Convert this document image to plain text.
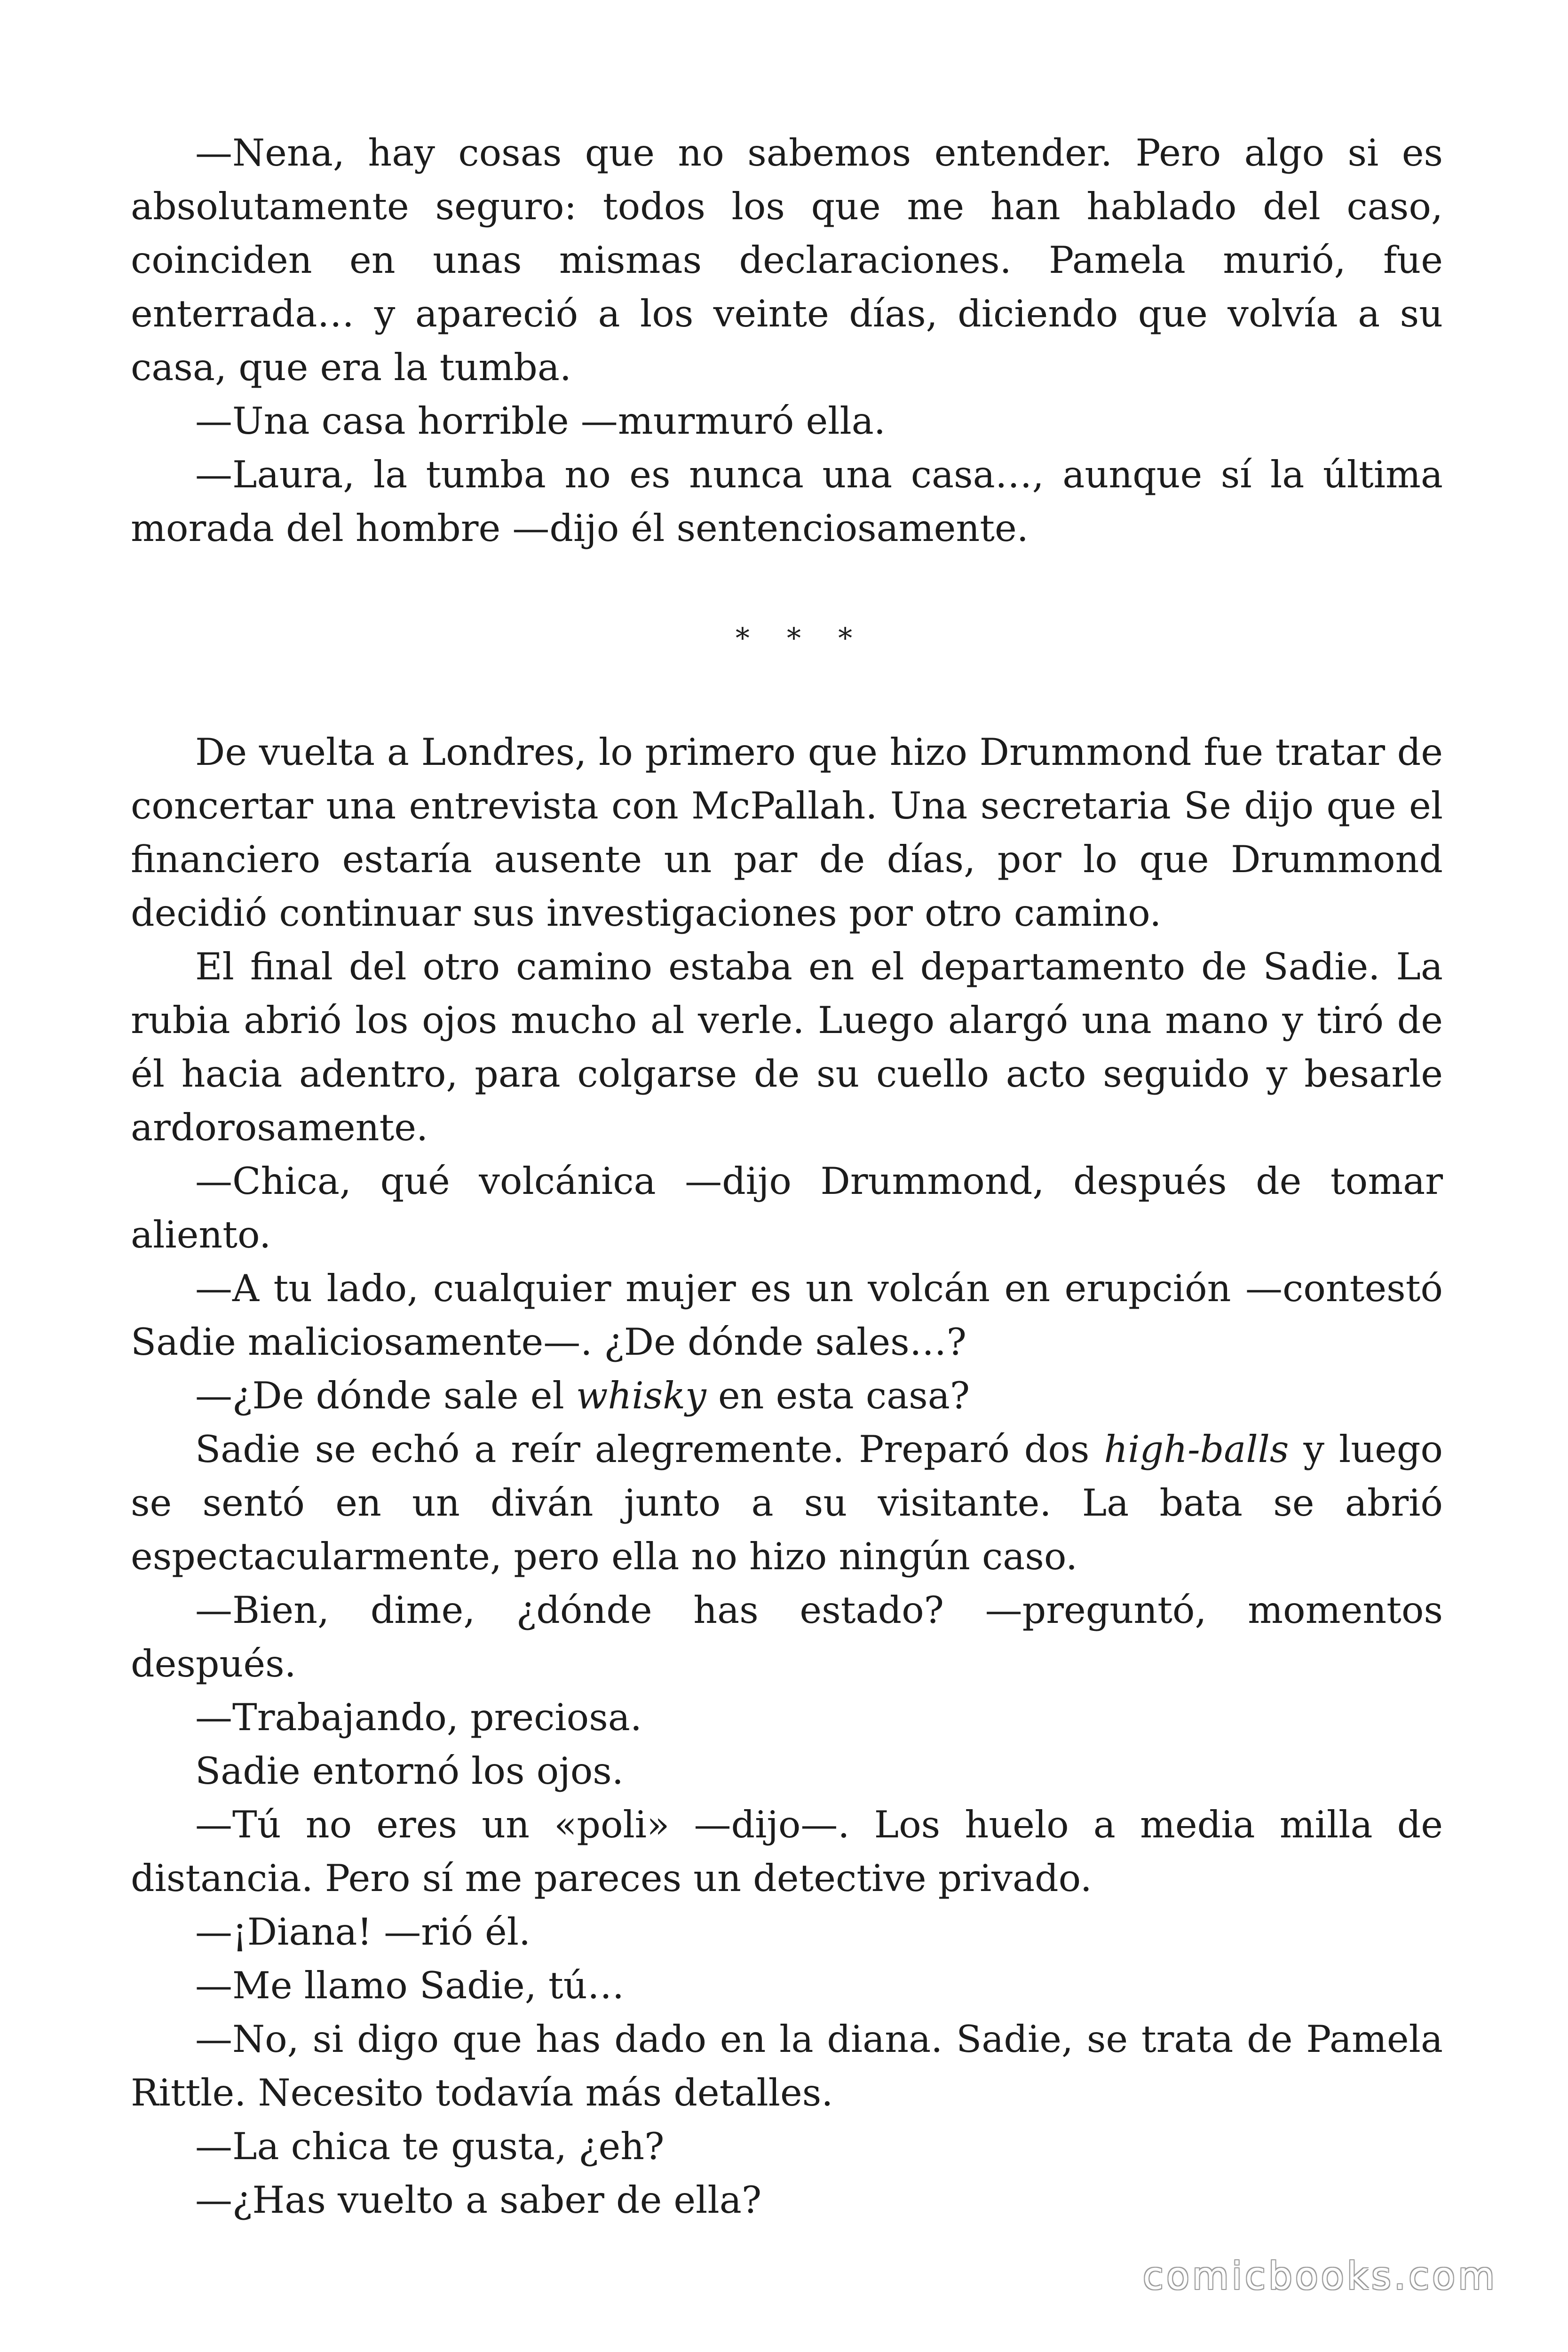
—Nena, hay cosas que no sabemos entender. Pero algo si es absolutamente seguro: todos los que me han hablado del caso, coinciden en unas mismas declaraciones. Pamela murió, fue enterrada… y apareció a los veinte días, diciendo que volvía a su casa, que era la tumba.

—Una casa horrible —murmuró ella.

—Laura, la tumba no es nunca una casa…, aunque sí la última morada del hombre —dijo él sentenciosamente.

* * *

De vuelta a Londres, lo primero que hizo Drummond fue tratar de concertar una entrevista con McPallah. Una secretaria Se dijo que el financiero estaría ausente un par de días, por lo que Drummond decidió continuar sus investigaciones por otro camino.

El final del otro camino estaba en el departamento de Sadie. La rubia abrió los ojos mucho al verle. Luego alargó una mano y tiró de él hacia adentro, para colgarse de su cuello acto seguido y besarle ardorosamente.

—Chica, qué volcánica —dijo Drummond, después de tomar aliento.

—A tu lado, cualquier mujer es un volcán en erupción —contestó Sadie maliciosamente—. ¿De dónde sales…?

—¿De dónde sale el whisky en esta casa?

Sadie se echó a reír alegremente. Preparó dos high-balls y luego se sentó en un diván junto a su visitante. La bata se abrió espectacularmente, pero ella no hizo ningún caso.

—Bien, dime, ¿dónde has estado? —preguntó, momentos después.

—Trabajando, preciosa.

Sadie entornó los ojos.

—Tú no eres un «poli» —dijo—. Los huelo a media milla de distancia. Pero sí me pareces un detective privado.

—¡Diana! —rió él.

—Me llamo Sadie, tú…

—No, si digo que has dado en la diana. Sadie, se trata de Pamela Rittle. Necesito todavía más detalles.

—La chica te gusta, ¿eh?

—¿Has vuelto a saber de ella?

comicbooks.com
